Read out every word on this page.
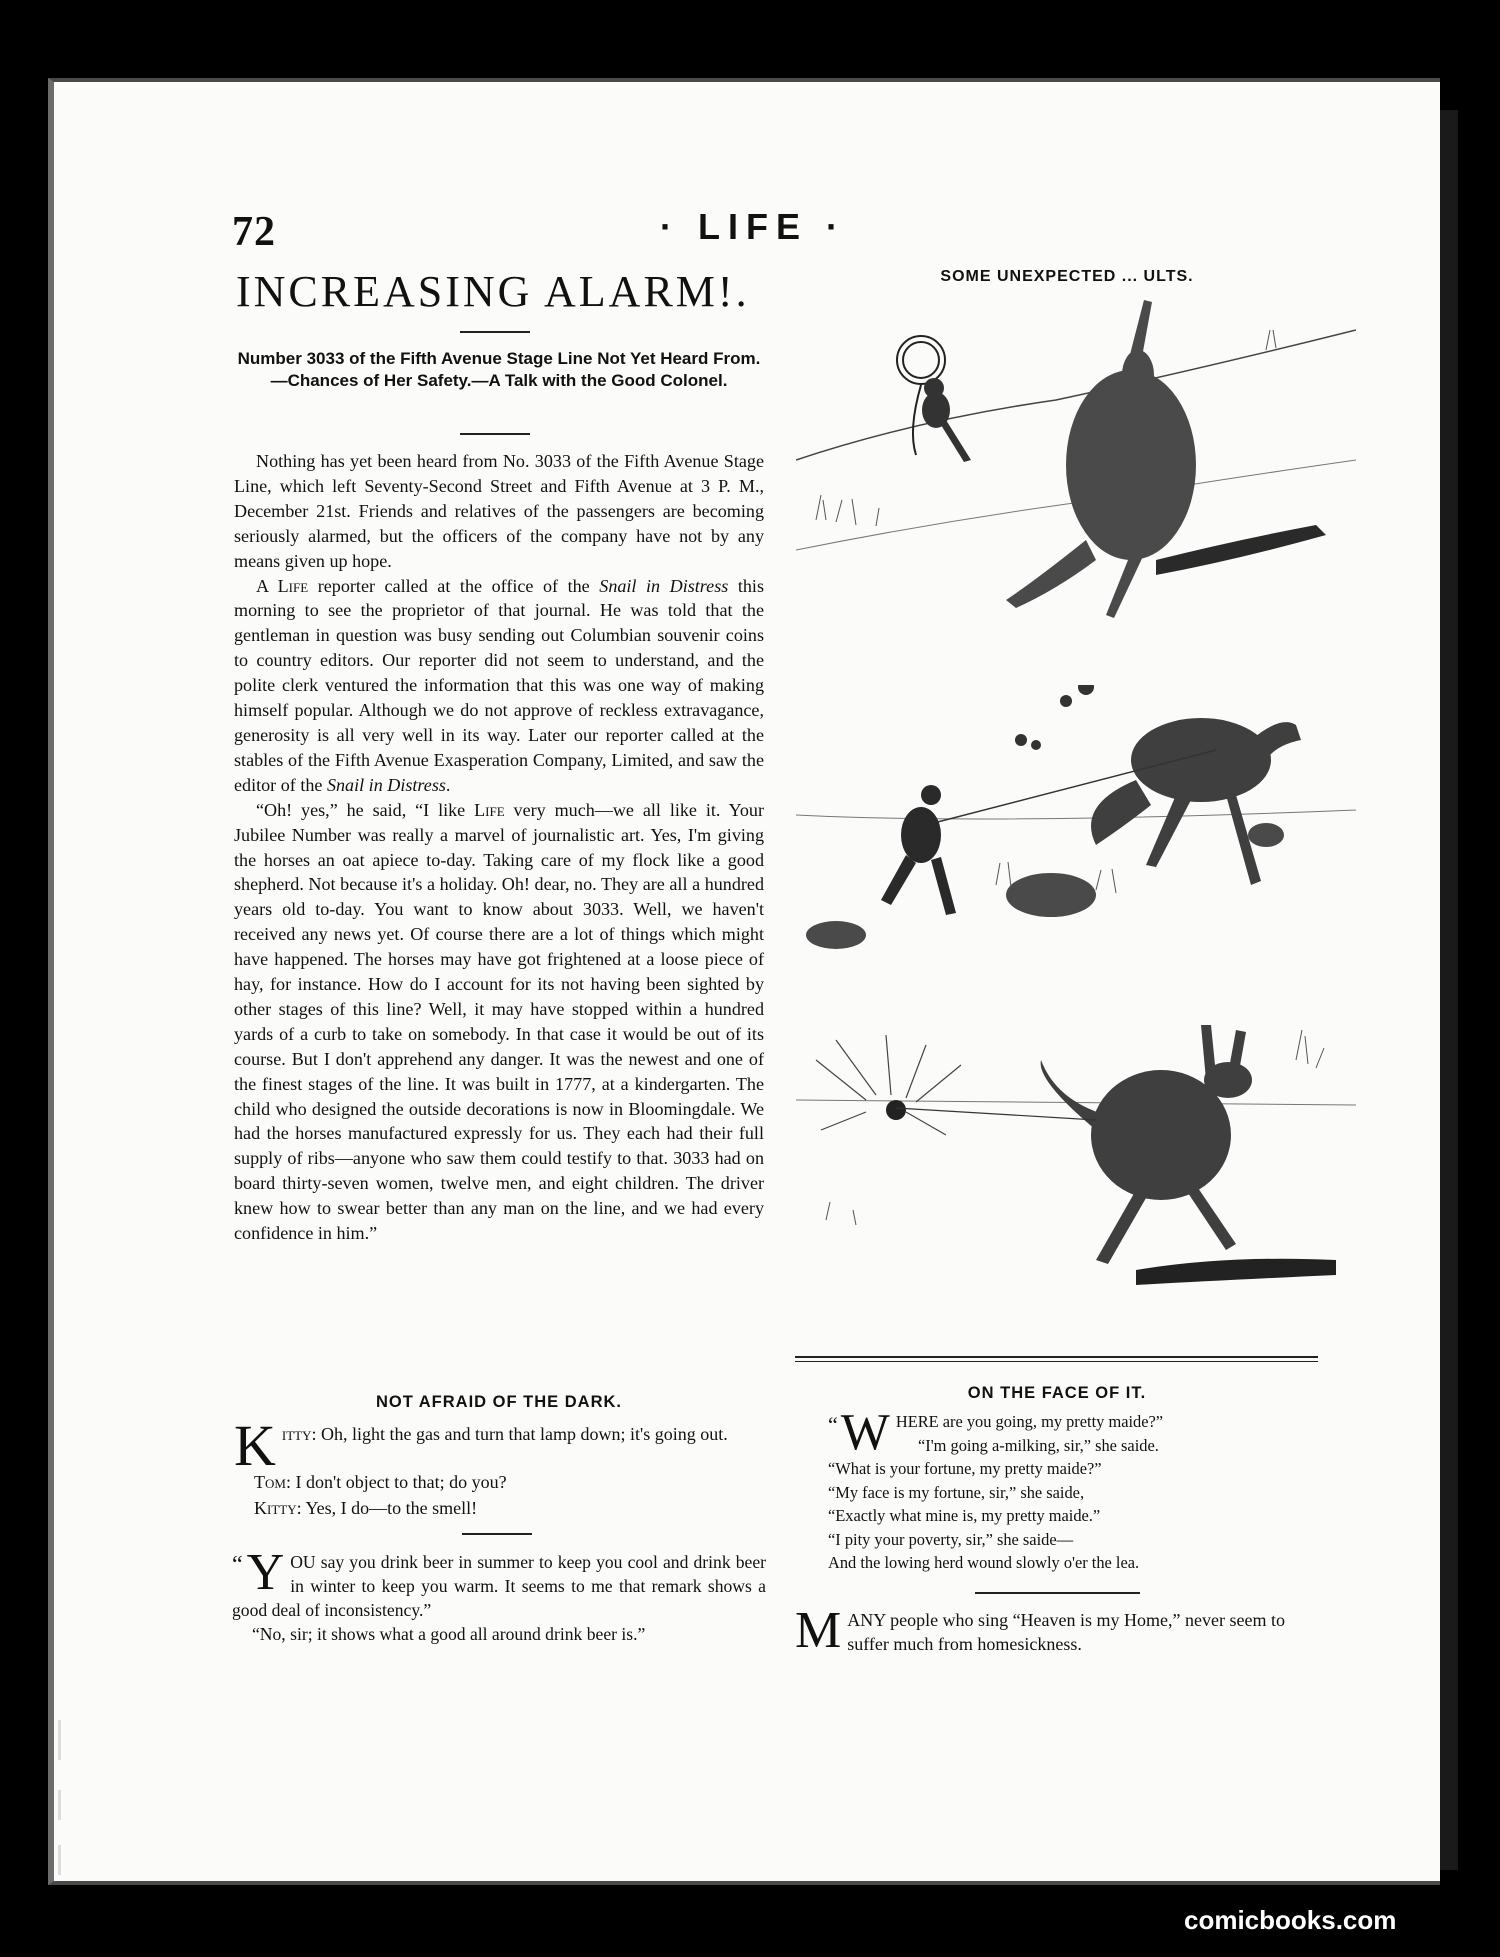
72	· LIFE ·
INCREASING ALARM!.
Number 3033 of the Fifth Avenue Stage Line Not Yet Heard From.—Chances of Her Safety.—A Talk with the Good Colonel.

Nothing has yet been heard from No. 3033 of the Fifth Avenue Stage Line, which left Seventy-Second Street and Fifth Avenue at 3 P. M., December 21st. Friends and relatives of the passengers are becoming seriously alarmed, but the officers of the company have not by any means given up hope.

A Life reporter called at the office of the Snail in Distress this morning to see the proprietor of that journal. He was told that the gentleman in question was busy sending out Columbian souvenir coins to country editors. Our reporter did not seem to understand, and the polite clerk ventured the information that this was one way of making himself popular. Although we do not approve of reckless extravagance, generosity is all very well in its way. Later our reporter called at the stables of the Fifth Avenue Exasperation Company, Limited, and saw the editor of the Snail in Distress.

“Oh! yes,” he said, “I like Life very much—we all like it. Your Jubilee Number was really a marvel of journalistic art. Yes, I'm giving the horses an oat apiece to-day. Taking care of my flock like a good shepherd. Not because it's a holiday. Oh! dear, no. They are all a hundred years old to-day. You want to know about 3033. Well, we haven't received any news yet. Of course there are a lot of things which might have happened. The horses may have got frightened at a loose piece of hay, for instance. How do I account for its not having been sighted by other stages of this line? Well, it may have stopped within a hundred yards of a curb to take on somebody. In that case it would be out of its course. But I don't apprehend any danger. It was the newest and one of the finest stages of the line. It was built in 1777, at a kindergarten. The child who designed the outside decorations is now in Bloomingdale. We had the horses manufactured expressly for us. They each had their full supply of ribs—anyone who saw them could testify to that. 3033 had on board thirty-seven women, twelve men, and eight children. The driver knew how to swear better than any man on the line, and we had every confidence in him.”

NOT AFRAID OF THE DARK.
Kitty: Oh, light the gas and turn that lamp down; it's going out.
Tom: I don't object to that; do you?
Kitty: Yes, I do—to the smell!
“ Y OU say you drink beer in summer to keep you cool and drink beer in winter to keep you warm. It seems to me that remark shows a good deal of inconsistency.”
“No, sir; it shows what a good all around drink beer is.”
SOME UNEXPECTED ... ULTS.
ON THE FACE OF IT.
“ W HERE are you going, my pretty maide?”
“I'm going a-milking, sir,” she saide.
“What is your fortune, my pretty maide?”
“My face is my fortune, sir,” she saide,
“Exactly what mine is, my pretty maide.”
“I pity your poverty, sir,” she saide—
And the lowing herd wound slowly o'er the lea.
MANY people who sing “Heaven is my Home,” never seem to suffer much from homesickness.
comicbooks.com
